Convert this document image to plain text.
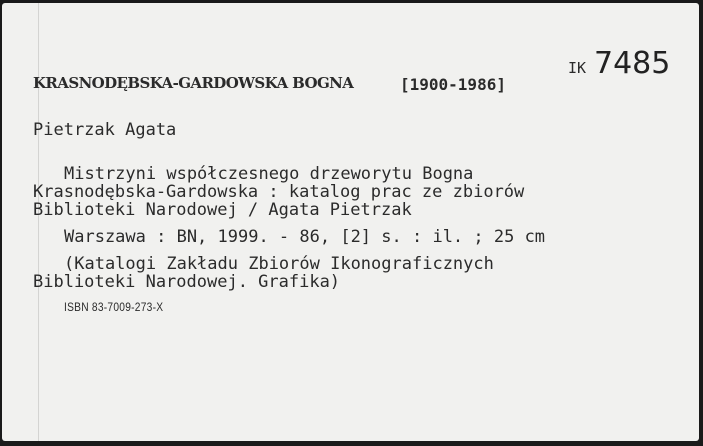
IK 7485
KRASNODĘBSKA-GARDOWSKA BOGNA	[1900-1986]
Pietrzak Agata
Mistrzyni współczesnego drzeworytu Bogna
Krasnodębska-Gardowska : katalog prac ze zbiorów
Biblioteki Narodowej / Agata Pietrzak
Warszawa : BN, 1999. - 86, [2] s. : il. ; 25 cm
(Katalogi Zakładu Zbiorów Ikonograficznych
Biblioteki Narodowej. Grafika)
ISBN 83-7009-273-X
